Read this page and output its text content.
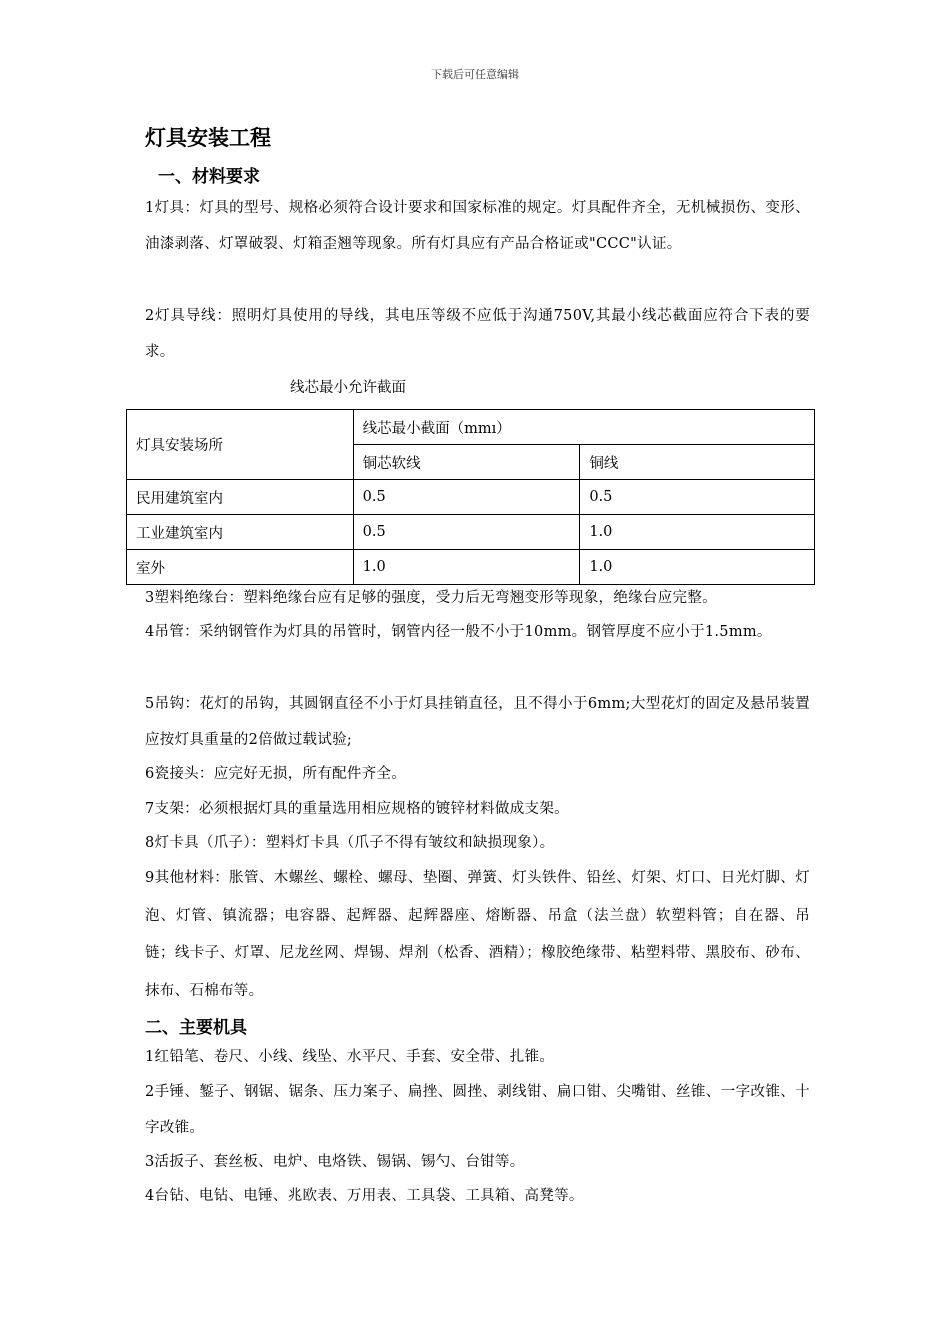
下载后可任意编辑
灯具安装工程
一、材料要求
1灯具：灯具的型号、规格必须符合设计要求和国家标准的规定。灯具配件齐全，无机械损伤、变形、油漆剥落、灯罩破裂、灯箱歪翘等现象。所有灯具应有产品合格证或"CCC"认证。
2灯具导线：照明灯具使用的导线，其电压等级不应低于沟通750V,其最小线芯截面应符合下表的要求。
线芯最小允许截面
灯具安装场所	线芯最小截面（mmı）	
	铜芯软线	铜线
民用建筑室内	0.5	0.5
工业建筑室内	0.5	1.0
室外	1.0	1.0
3塑料绝缘台：塑料绝缘台应有足够的强度，受力后无弯翘变形等现象，绝缘台应完整。
4吊管：采纳钢管作为灯具的吊管时，钢管内径一般不小于10mm。钢管厚度不应小于1.5mm。
5吊钩：花灯的吊钩，其圆钢直径不小于灯具挂销直径，且不得小于6mm;大型花灯的固定及悬吊装置应按灯具重量的2倍做过载试验;
6瓷接头：应完好无损，所有配件齐全。
7支架：必须根据灯具的重量选用相应规格的镀锌材料做成支架。
8灯卡具（爪子）：塑料灯卡具（爪子不得有皱纹和缺损现象）。
9其他材料：胀管、木螺丝、螺栓、螺母、垫圈、弹簧、灯头铁件、铅丝、灯架、灯口、日光灯脚、灯泡、灯管、镇流器；电容器、起辉器、起辉器座、熔断器、吊盒（法兰盘）软塑料管；自在器、吊链；线卡子、灯罩、尼龙丝网、焊锡、焊剂（松香、酒精）；橡胶绝缘带、粘塑料带、黑胶布、砂布、抹布、石棉布等。
二、主要机具
1红铅笔、卷尺、小线、线坠、水平尺、手套、安全带、扎锥。
2手锤、錾子、钢锯、锯条、压力案子、扁挫、圆挫、剥线钳、扁口钳、尖嘴钳、丝锥、一字改锥、十字改锥。
3活扳子、套丝板、电炉、电烙铁、锡锅、锡勺、台钳等。
4台钻、电钻、电锤、兆欧表、万用表、工具袋、工具箱、高凳等。
